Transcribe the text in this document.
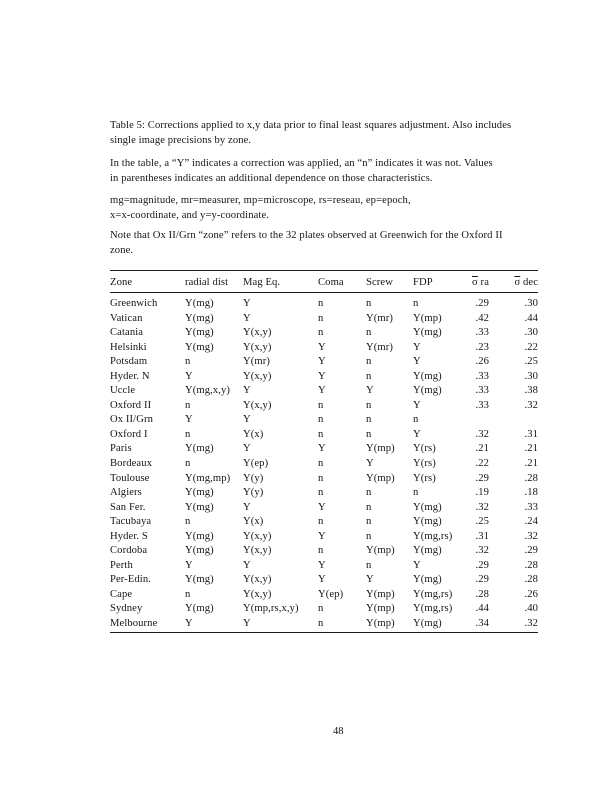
Table 5: Corrections applied to x,y data prior to final least squares adjustment. Also includes
single image precisions by zone.
In the table, a “Y” indicates a correction was applied, an “n” indicates it was not. Values
in parentheses indicates an additional dependence on those characteristics.
mg=magnitude, mr=measurer, mp=microscope, rs=reseau, ep=epoch,
x=x-coordinate, and y=y-coordinate.
Note that Ox II/Grn “zone” refers to the 32 plates observed at Greenwich for the Oxford II
zone.
Zone	radial dist	Mag Eq.	Coma	Screw	FDP	$\overline{\sigma}$ ra	$\overline{\sigma}$ dec
Greenwich	Y(mg)	Y	n	n	n	.29	.30
Vatican	Y(mg)	Y	n	Y(mr)	Y(mp)	.42	.44
Catania	Y(mg)	Y(x,y)	n	n	Y(mg)	.33	.30
Helsinki	Y(mg)	Y(x,y)	Y	Y(mr)	Y	.23	.22
Potsdam	n	Y(mr)	Y	n	Y	.26	.25
Hyder. N	Y	Y(x,y)	Y	n	Y(mg)	.33	.30
Uccle	Y(mg,x,y)	Y	Y	Y	Y(mg)	.33	.38
Oxford II	n	Y(x,y)	n	n	Y	.33	.32
Ox II/Grn	Y	Y	n	n	n
Oxford I	n	Y(x)	n	n	Y	.32	.31
Paris	Y(mg)	Y	Y	Y(mp)	Y(rs)	.21	.21
Bordeaux	n	Y(ep)	n	Y	Y(rs)	.22	.21
Toulouse	Y(mg,mp)	Y(y)	n	Y(mp)	Y(rs)	.29	.28
Algiers	Y(mg)	Y(y)	n	n	n	.19	.18
San Fer.	Y(mg)	Y	Y	n	Y(mg)	.32	.33
Tacubaya	n	Y(x)	n	n	Y(mg)	.25	.24
Hyder. S	Y(mg)	Y(x,y)	Y	n	Y(mg,rs)	.31	.32
Cordoba	Y(mg)	Y(x,y)	n	Y(mp)	Y(mg)	.32	.29
Perth	Y	Y	Y	n	Y	.29	.28
Per-Edin.	Y(mg)	Y(x,y)	Y	Y	Y(mg)	.29	.28
Cape	n	Y(x,y)	Y(ep)	Y(mp)	Y(mg,rs)	.28	.26
Sydney	Y(mg)	Y(mp,rs,x,y)	n	Y(mp)	Y(mg,rs)	.44	.40
Melbourne	Y	Y	n	Y(mp)	Y(mg)	.34	.32
48
